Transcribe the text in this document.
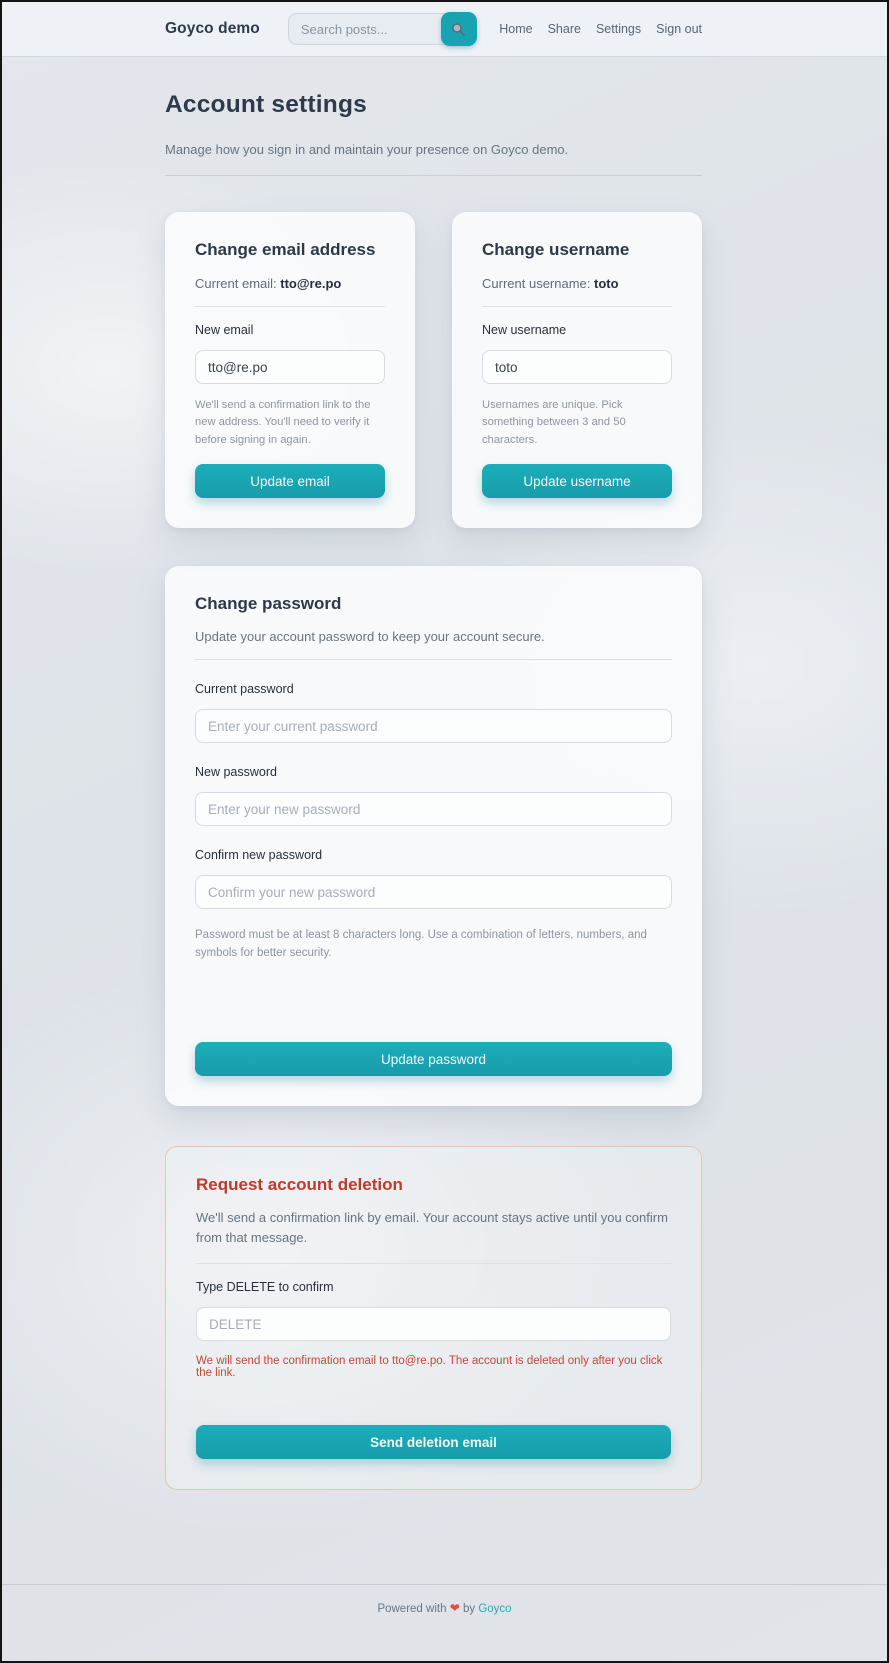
Goyco demo
Search posts...	Home Share Settings Sign out
Account settings

Manage how you sign in and maintain your presence on Goyco demo.

Change email address

Current email: tto@re.po

New email
tto@re.po

We'll send a confirmation link to the new address. You'll need to verify it before signing in again.

Update email
Change username

Current username: toto

New username
toto

Usernames are unique. Pick something between 3 and 50 characters.

Update username
Change password

Update your account password to keep your account secure.

Current password
Enter your current password
New password
Enter your new password
Confirm new password
Confirm your new password

Password must be at least 8 characters long. Use a combination of letters, numbers, and symbols for better security.

Update password
Request account deletion

We'll send a confirmation link by email. Your account stays active until you confirm from that message.

Type DELETE to confirm
DELETE

We will send the confirmation email to tto@re.po. The account is deleted only after you click the link.

Send deletion email
Powered with ❤ by Goyco
